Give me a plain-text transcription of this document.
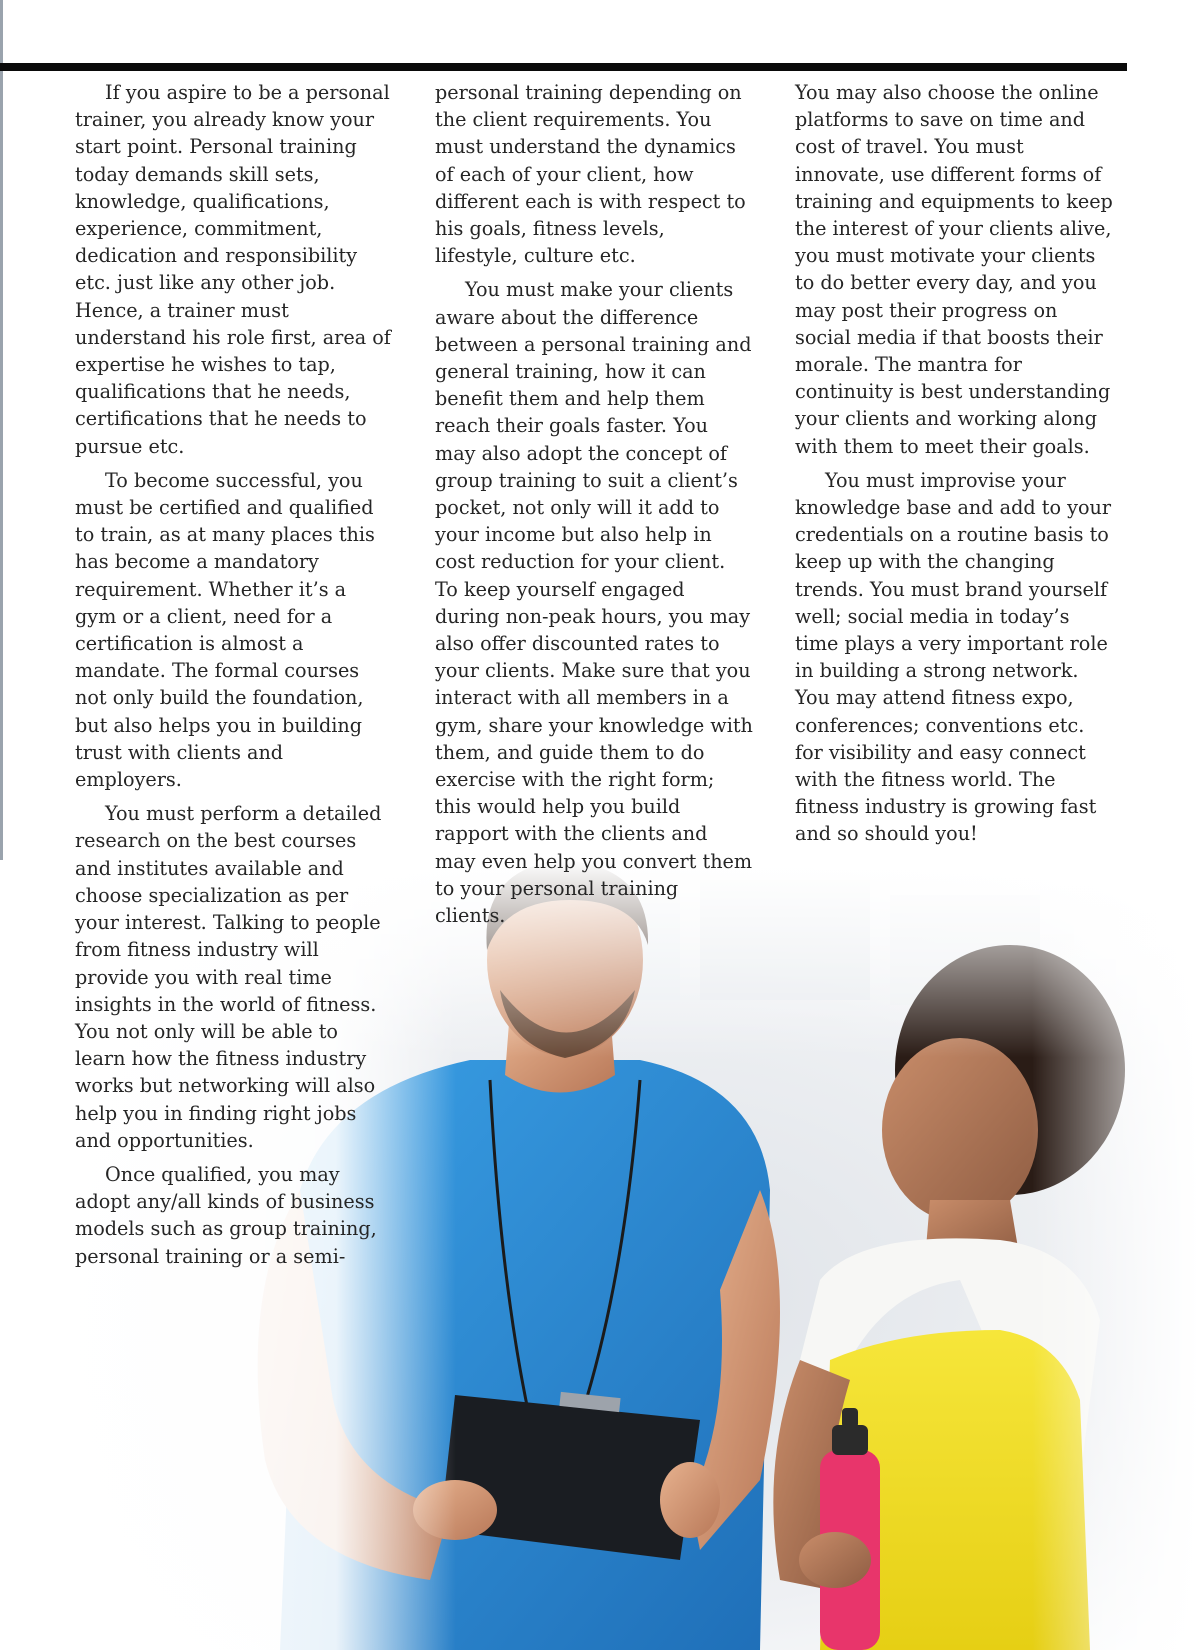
If you aspire to be a personal trainer, you already know your start point. Personal training today demands skill sets, knowledge, qualifications, experience, commitment, dedication and responsibility etc. just like any other job. Hence, a trainer must understand his role first, area of expertise he wishes to tap, qualifications that he needs, certifications that he needs to pursue etc.

To become successful, you must be certified and qualified to train, as at many places this has become a mandatory requirement. Whether it’s a gym or a client, need for a certification is almost a mandate. The formal courses not only build the foundation, but also helps you in building trust with clients and employers.

You must perform a detailed research on the best courses and institutes available and choose specialization as per your interest. Talking to people from fitness industry will provide you with real time insights in the world of fitness. You not only will be able to learn how the fitness industry works but networking will also help you in finding right jobs and opportunities.

Once qualified, you may adopt any/all kinds of business models such as group training, personal training or a semi-

personal training depending on the client requirements. You must understand the dynamics of each of your client, how different each is with respect to his goals, fitness levels, lifestyle, culture etc.

You must make your clients aware about the difference between a personal training and general training, how it can benefit them and help them reach their goals faster. You may also adopt the concept of group training to suit a client’s pocket, not only will it add to your income but also help in cost reduction for your client. To keep yourself engaged during non-peak hours, you may also offer discounted rates to your clients. Make sure that you interact with all members in a gym, share your knowledge with them, and guide them to do exercise with the right form; this would help you build rapport with the clients and may even help you convert them to your personal training clients.

You may also choose the online platforms to save on time and cost of travel. You must innovate, use different forms of training and equipments to keep the interest of your clients alive, you must motivate your clients to do better every day, and you may post their progress on social media if that boosts their morale. The mantra for continuity is best understanding your clients and working along with them to meet their goals.

You must improvise your knowledge base and add to your credentials on a routine basis to keep up with the changing trends. You must brand yourself well; social media in today’s time plays a very important role in building a strong network. You may attend fitness expo, conferences; conventions etc. for visibility and easy connect with the fitness world. The fitness industry is growing fast and so should you!
